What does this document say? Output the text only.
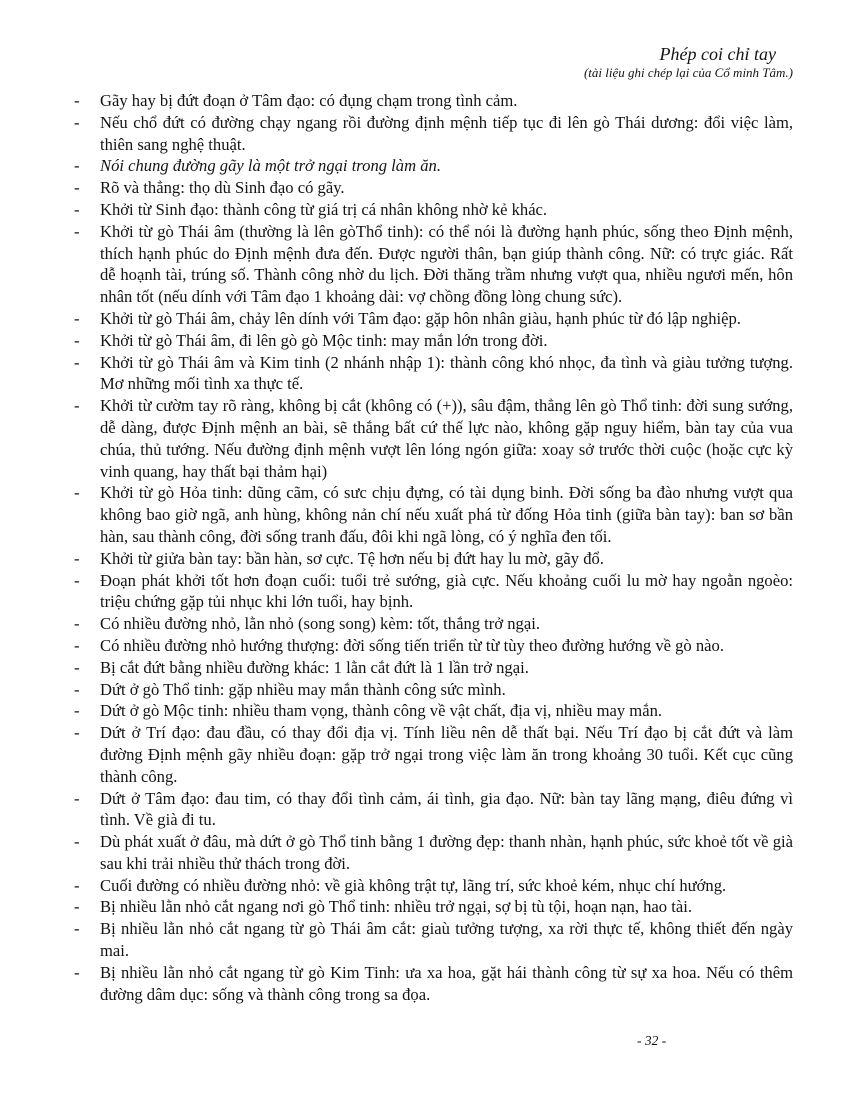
Phép coi chỉ tay
(tài liệu ghi chép lại của Cổ minh Tâm.)
-	Gãy hay bị đứt đoạn ở Tâm đạo: có đụng chạm trong tình cảm.
-	Nếu chổ đứt có đường chạy ngang rồi đường định mệnh tiếp tục đi lên gò Thái dương: đổi việc làm, thiên sang nghệ thuật.
-	Nói chung đường gãy là một trở ngại trong làm ăn.
-	Rõ và thẳng: thọ dù Sinh đạo có gãy.
-	Khởi từ Sinh đạo: thành công từ giá trị cá nhân không nhờ kẻ khác.
-	Khởi từ gò Thái âm (thường là lên gòThổ tinh): có thể nói là đường hạnh phúc, sống theo Định mệnh, thích hạnh phúc do Định mệnh đưa đến. Được người thân, bạn giúp thành công. Nữ: có trực giác. Rất dễ hoạnh tài, trúng số. Thành công nhờ du lịch. Đời thăng trầm nhưng vượt qua, nhiều ngươi mến, hôn nhân tốt (nếu dính với Tâm đạo 1 khoảng dài: vợ chồng đồng lòng chung sức).
-	Khởi từ gò Thái âm, chảy lên dính với Tâm đạo: gặp hôn nhân giàu, hạnh phúc từ đó lập nghiệp.
-	Khởi từ gò Thái âm, đi lên gò gò Mộc tinh: may mắn lớn trong đời.
-	Khởi từ gò Thái âm và Kim tinh (2 nhánh nhập 1): thành công khó nhọc, đa tình và giàu tưởng tượng. Mơ những mối tình xa thực tế.
-	Khởi từ cườm tay rõ ràng, không bị cắt (không có (+)), sâu đậm, thẳng lên gò Thổ tinh: đời sung sướng, dễ dàng, được Định mệnh an bài, sẽ thắng bất cứ thế lực nào, không gặp nguy hiểm, bàn tay của vua chúa, thủ tướng. Nếu đường định mệnh vượt lên lóng ngón giữa: xoay sở trước thời cuộc (hoặc cực kỳ vinh quang, hay thất bại thảm hại)
-	Khởi từ gò Hỏa tinh: dũng cãm, có sưc chịu đựng, có tài dụng binh. Đời sống ba đào nhưng vượt qua không bao giờ ngã, anh hùng, không nản chí nếu xuất phá từ đống Hỏa tinh (giữa bàn tay): ban sơ bần hàn, sau thành công, đời sống tranh đấu, đôi khi ngã lòng, có ý nghĩa đen tối.
-	Khởi từ giửa bàn tay: bần hàn, sơ cực. Tệ hơn nếu bị đứt hay lu mờ, gãy đổ.
-	Đoạn phát khởi tốt hơn đoạn cuối: tuổi trẻ sướng, già cực. Nếu khoảng cuối lu mờ hay ngoằn ngoèo: triệu chứng gặp tủi nhục khi lớn tuổi, hay bịnh.
-	Có nhiều đường nhỏ, lằn nhỏ (song song) kèm: tốt, thắng trở ngại.
-	Có nhiều đường nhỏ hướng thượng: đời sống tiến triển từ từ tùy theo đường hướng về gò nào.
-	Bị cắt đứt bằng nhiều đường khác: 1 lằn cắt đứt là 1 lần trở ngại.
-	Dứt ở gò Thổ tinh: gặp nhiều may mắn thành công sức mình.
-	Dứt ở gò Mộc tinh: nhiều tham vọng, thành công về vật chất, địa vị, nhiều may mắn.
-	Dứt ở Trí đạo: đau đầu, có thay đổi địa vị. Tính liều nên dễ thất bại. Nếu Trí đạo bị cắt đứt và làm đường Định mệnh gãy nhiều đoạn: gặp trở ngại trong việc làm ăn trong khoảng 30 tuổi. Kết cục cũng thành công.
-	Dứt ở Tâm đạo: đau tim, có thay đổi tình cảm, ái tình, gia đạo. Nữ: bàn tay lãng mạng, điêu đứng vì tình. Về già đi tu.
-	Dù phát xuất ở đâu, mà dứt ở gò Thổ tinh bằng 1 đường đẹp: thanh nhàn, hạnh phúc, sức khoẻ tốt về già sau khi trải nhiều thử thách trong đời.
-	Cuối đường có nhiều đường nhỏ: về già không trật tự, lãng trí, sức khoẻ kém, nhục chí hướng.
-	Bị nhiều lằn nhỏ cắt ngang nơi gò Thổ tinh: nhiều trở ngại, sợ bị tù tội, hoạn nạn, hao tài.
-	Bị nhiều lằn nhỏ cắt ngang từ gò Thái âm cắt: giaù tưởng tượng, xa rời thực tế, không thiết đến ngày mai.
-	Bị nhiều lằn nhỏ cắt ngang từ gò Kim Tinh: ưa xa hoa, gặt hái thành công từ sự xa hoa. Nếu có thêm đường dâm dục: sống và thành công trong sa đọa.
- 32 -
